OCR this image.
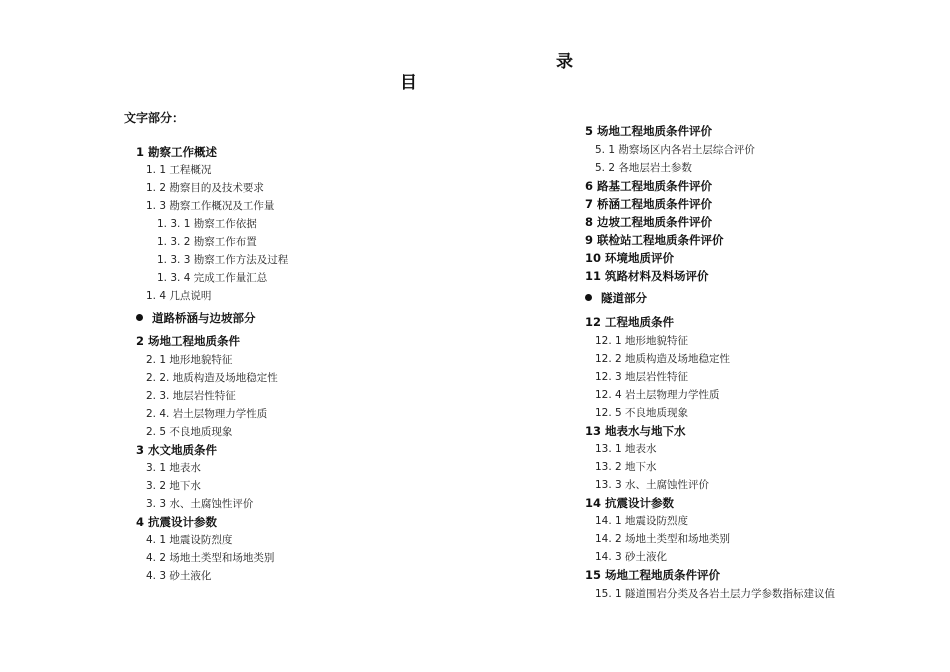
录
目
文字部分：
1 勘察工作概述
1. 1 工程概况
1. 2 勘察目的及技术要求
1. 3 勘察工作概况及工作量
1. 3. 1 勘察工作依据
1. 3. 2 勘察工作布置
1. 3. 3 勘察工作方法及过程
1. 3. 4 完成工作量汇总
1. 4 几点说明
道路桥涵与边坡部分
2 场地工程地质条件
2. 1 地形地貌特征
2. 2. 地质构造及场地稳定性
2. 3. 地层岩性特征
2. 4. 岩土层物理力学性质
2. 5 不良地质现象
3 水文地质条件
3. 1 地表水
3. 2 地下水
3. 3 水、土腐蚀性评价
4 抗震设计参数
4. 1 地震设防烈度
4. 2 场地土类型和场地类别
4. 3 砂土液化
5 场地工程地质条件评价
5. 1 勘察场区内各岩土层综合评价
5. 2 各地层岩土参数
6 路基工程地质条件评价
7 桥涵工程地质条件评价
8 边坡工程地质条件评价
9 联检站工程地质条件评价
10 环境地质评价
11 筑路材料及料场评价
隧道部分
12 工程地质条件
12. 1 地形地貌特征
12. 2 地质构造及场地稳定性
12. 3 地层岩性特征
12. 4 岩土层物理力学性质
12. 5 不良地质现象
13 地表水与地下水
13. 1 地表水
13. 2 地下水
13. 3 水、土腐蚀性评价
14 抗震设计参数
14. 1 地震设防烈度
14. 2 场地土类型和场地类别
14. 3 砂土液化
15 场地工程地质条件评价
15. 1 隧道围岩分类及各岩土层力学参数指标建议值
